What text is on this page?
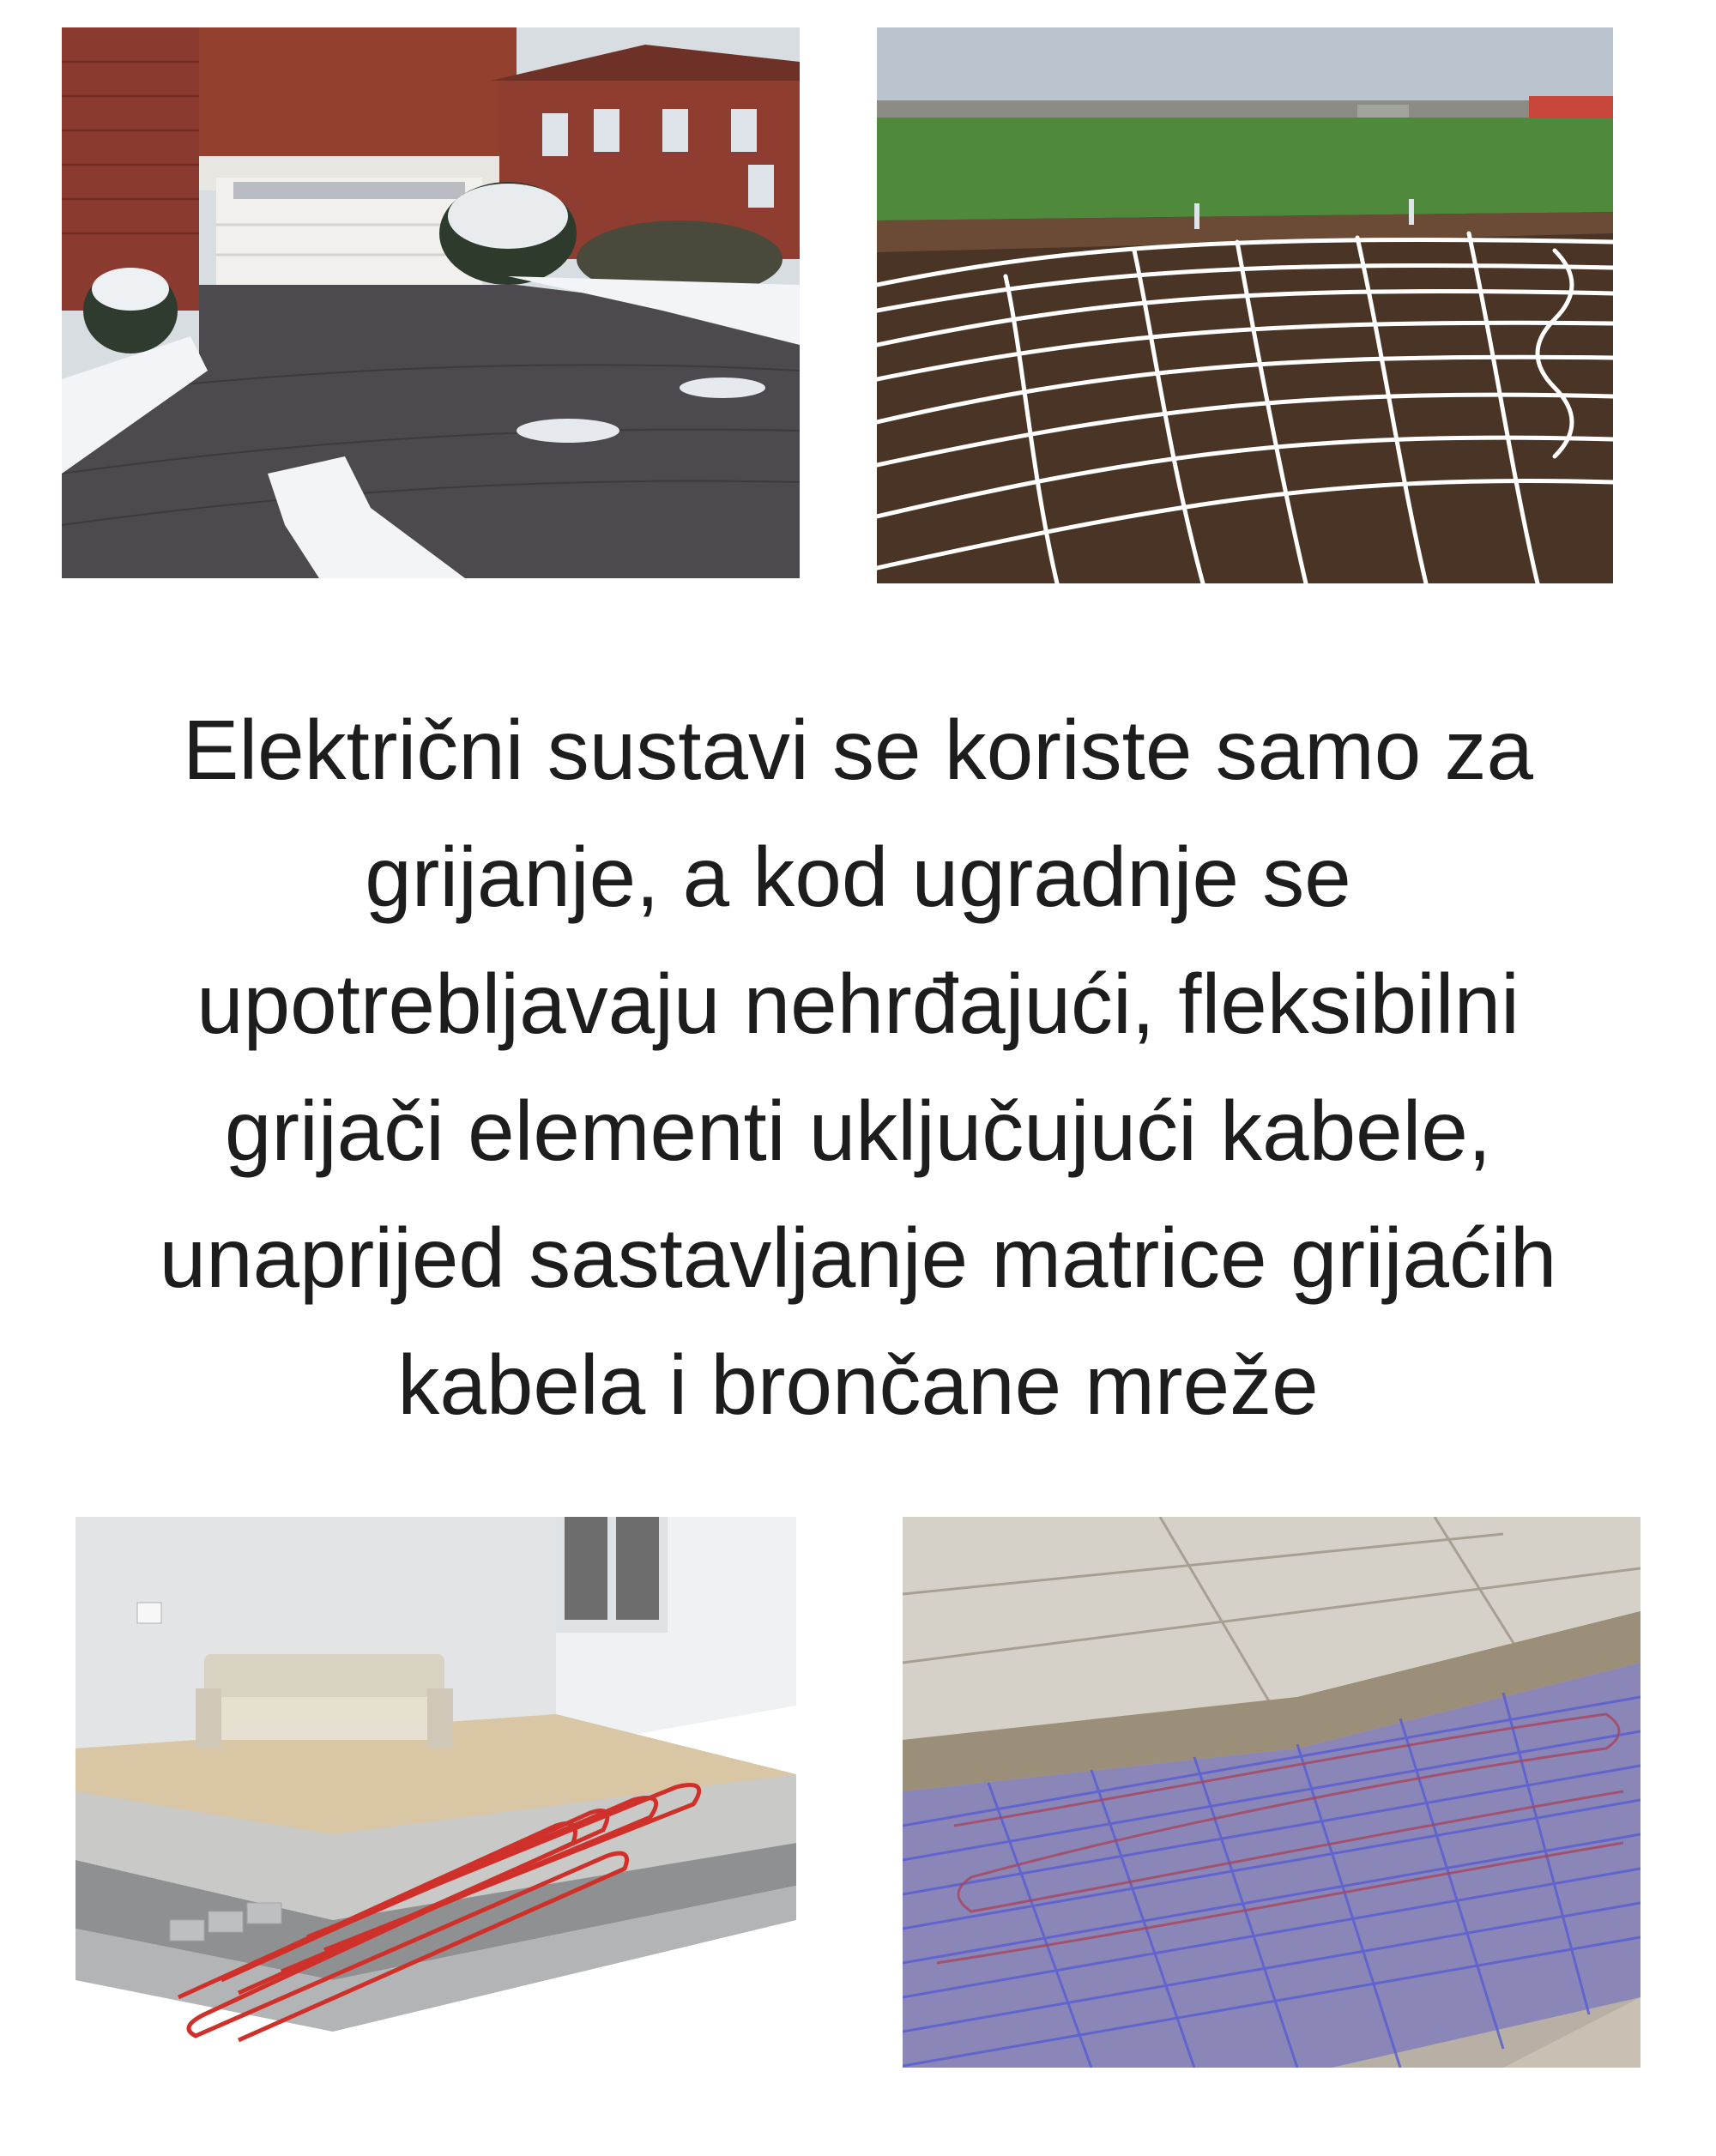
Električni sustavi se koriste samo za
grijanje, a kod ugradnje se
upotrebljavaju nehrđajući, fleksibilni
grijači elementi uključujući kabele,
unaprijed sastavljanje matrice grijaćih
kabela i brončane mreže
